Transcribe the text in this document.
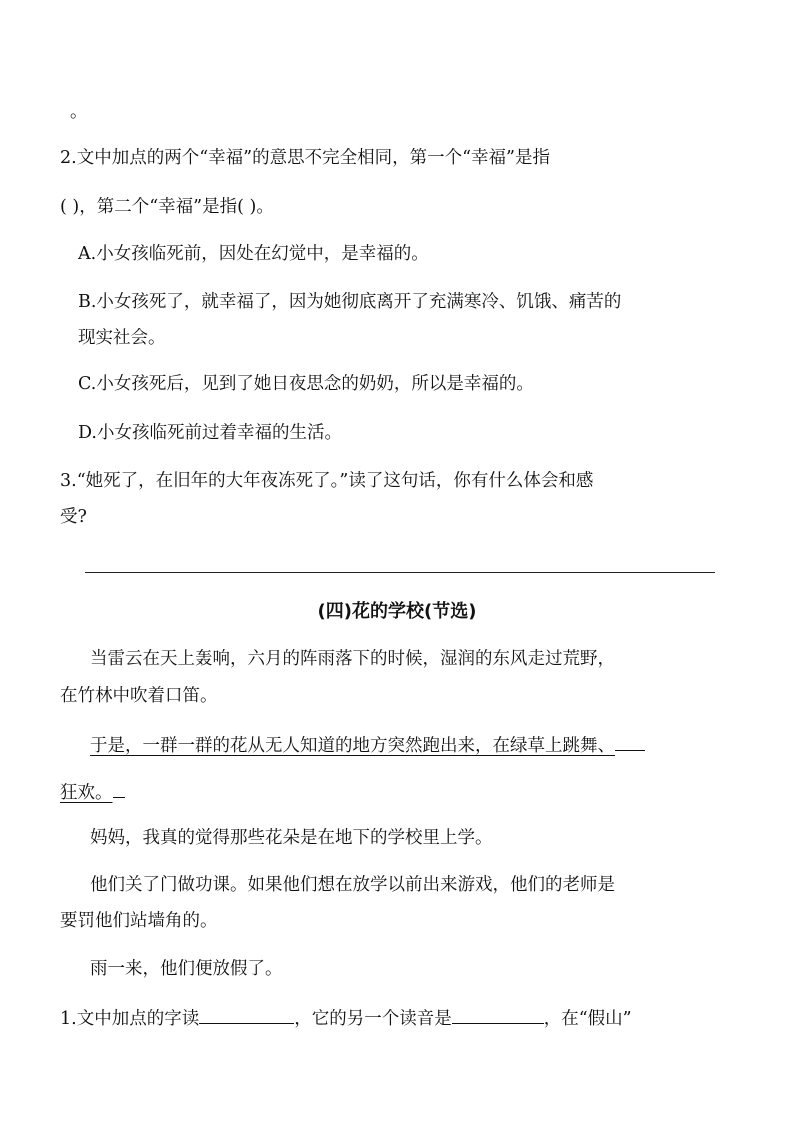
。
2.文中加点的两个“幸福”的意思不完全相同，第一个“幸福”是指
( )，第二个“幸福”是指( )。
A.小女孩临死前，因处在幻觉中，是幸福的。
B.小女孩死了，就幸福了，因为她彻底离开了充满寒冷、饥饿、痛苦的
现实社会。
C.小女孩死后，见到了她日夜思念的奶奶，所以是幸福的。
D.小女孩临死前过着幸福的生活。
3.“她死了，在旧年的大年夜冻死了。”读了这句话，你有什么体会和感
受?
(四)花的学校(节选)
当雷云在天上轰响，六月的阵雨落下的时候，湿润的东风走过荒野，
在竹林中吹着口笛。
于是，一群一群的花从无人知道的地方突然跑出来，在绿草上跳舞、
狂欢。
妈妈，我真的觉得那些花朵是在地下的学校里上学。
他们关了门做功课。如果他们想在放学以前出来游戏，他们的老师是
要罚他们站墙角的。
雨一来，他们便放假了。
1.文中加点的字读	，它的另一个读音是	，在“假山”
